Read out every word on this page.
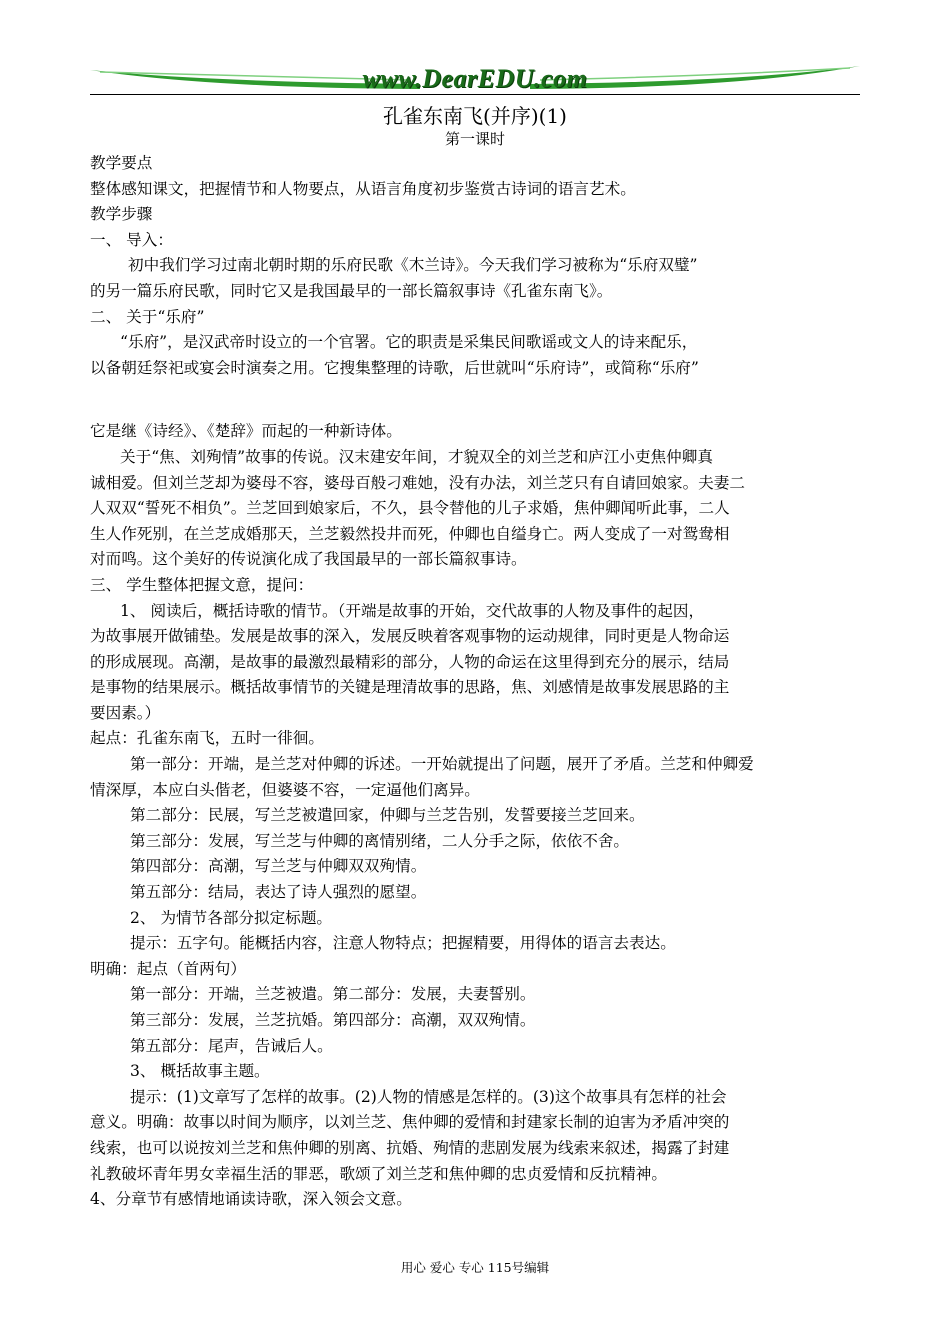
www.DearEDU.com
孔雀东南飞(并序)(1)
第一课时

教学要点

整体感知课文，把握情节和人物要点，从语言角度初步鉴赏古诗词的语言艺术。

教学步骤

一、 导入：

初中我们学习过南北朝时期的乐府民歌《木兰诗》。今天我们学习被称为“乐府双璧”

的另一篇乐府民歌，同时它又是我国最早的一部长篇叙事诗《孔雀东南飞》。

二、 关于“乐府”

“乐府”，是汉武帝时设立的一个官署。它的职责是采集民间歌谣或文人的诗来配乐，

以备朝廷祭祀或宴会时演奏之用。它搜集整理的诗歌，后世就叫“乐府诗”，或简称“乐府”

它是继《诗经》、《楚辞》而起的一种新诗体。

关于“焦、刘殉情”故事的传说。汉末建安年间，才貌双全的刘兰芝和庐江小吏焦仲卿真

诚相爱。但刘兰芝却为婆母不容，婆母百般刁难她，没有办法，刘兰芝只有自请回娘家。夫妻二

人双双“誓死不相负”。兰芝回到娘家后，不久，县令替他的儿子求婚，焦仲卿闻听此事，二人

生人作死别，在兰芝成婚那天，兰芝毅然投井而死，仲卿也自缢身亡。两人变成了一对鸳鸯相

对而鸣。这个美好的传说演化成了我国最早的一部长篇叙事诗。

三、 学生整体把握文意，提问：

1、 阅读后，概括诗歌的情节。（开端是故事的开始，交代故事的人物及事件的起因，

为故事展开做铺垫。发展是故事的深入，发展反映着客观事物的运动规律，同时更是人物命运

的形成展现。高潮，是故事的最激烈最精彩的部分，人物的命运在这里得到充分的展示，结局

是事物的结果展示。概括故事情节的关键是理清故事的思路，焦、刘感情是故事发展思路的主

要因素。）

起点：孔雀东南飞，五时一徘徊。

第一部分：开端，是兰芝对仲卿的诉述。一开始就提出了问题，展开了矛盾。兰芝和仲卿爱

情深厚，本应白头偕老，但婆婆不容，一定逼他们离异。

第二部分：民展，写兰芝被遣回家，仲卿与兰芝告别，发誓要接兰芝回来。

第三部分：发展，写兰芝与仲卿的离情别绪，二人分手之际，依依不舍。

第四部分：高潮，写兰芝与仲卿双双殉情。

第五部分：结局，表达了诗人强烈的愿望。

2、 为情节各部分拟定标题。

提示：五字句。能概括内容，注意人物特点；把握精要，用得体的语言去表达。

明确：起点（首两句）

第一部分：开端，兰芝被遣。第二部分：发展，夫妻誓别。

第三部分：发展，兰芝抗婚。第四部分：高潮，双双殉情。

第五部分：尾声，告诫后人。

3、 概括故事主题。

提示：(1)文章写了怎样的故事。(2)人物的情感是怎样的。(3)这个故事具有怎样的社会

意义。明确：故事以时间为顺序，以刘兰芝、焦仲卿的爱情和封建家长制的迫害为矛盾冲突的

线索，也可以说按刘兰芝和焦仲卿的别离、抗婚、殉情的悲剧发展为线索来叙述，揭露了封建

礼教破坏青年男女幸福生活的罪恶，歌颂了刘兰芝和焦仲卿的忠贞爱情和反抗精神。

4、分章节有感情地诵读诗歌，深入领会文意。

用心 爱心 专心 115号编辑
